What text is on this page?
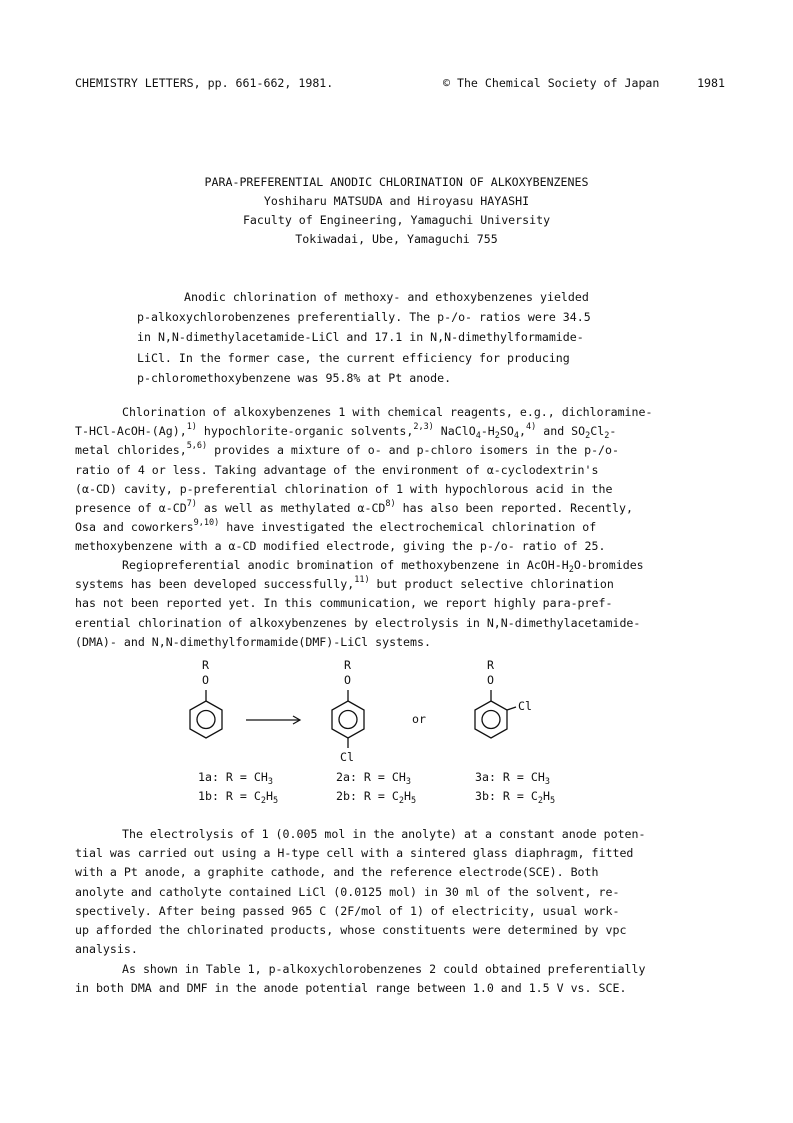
CHEMISTRY LETTERS, pp. 661-662, 1981.	© The Chemical Society of Japan	1981
PARA-PREFERENTIAL ANODIC CHLORINATION OF ALKOXYBENZENES
Yoshiharu MATSUDA and Hiroyasu HAYASHI
Faculty of Engineering, Yamaguchi University
Tokiwadai, Ube, Yamaguchi 755
Anodic chlorination of methoxy- and ethoxybenzenes yielded
p-alkoxychlorobenzenes preferentially. The p-/o- ratios were 34.5
in N,N-dimethylacetamide-LiCl and 17.1 in N,N-dimethylformamide-
LiCl. In the former case, the current efficiency for producing
p-chloromethoxybenzene was 95.8% at Pt anode.
Chlorination of alkoxybenzenes 1 with chemical reagents, e.g., dichloramine-
T-HCl-AcOH-(Ag),$^{1)}$ hypochlorite-organic solvents,$^{2,3)}$ $NaClO_4-H_2SO_4,^{4)}$ and $SO_2Cl_2-$
metal chlorides,$^{5,6)}$ provides a mixture of o- and p-chloro isomers in the p-/o-
ratio of 4 or less. Taking advantage of the environment of α-cyclodextrin's
(α-CD) cavity, p-preferential chlorination of 1 with hypochlorous acid in the
presence of α-CD$^{7)}$ as well as methylated α-CD$^{8)}$ has also been reported. Recently,
Osa and coworkers$^{9,10)}$ have investigated the electrochemical chlorination of
methoxybenzene with a α-CD modified electrode, giving the p-/o- ratio of 25.
Regiopreferential anodic bromination of methoxybenzene in AcOH-$H_2O$-bromides
systems has been developed successfully,$^{11)}$ but product selective chlorination
has not been reported yet. In this communication, we report highly para-pref-
erential chlorination of alkoxybenzenes by electrolysis in N,N-dimethylacetamide-
(DMA)- and N,N-dimethylformamide(DMF)-LiCl systems.
R
O
R
O
R
O
or
Cl
Cl
1a: $R = CH_3$
1b: $R = C_2H_5$
2a: $R = CH_3$
2b: $R = C_2H_5$
3a: $R = CH_3$
3b: $R = C_2H_5$
The electrolysis of 1 (0.005 mol in the anolyte) at a constant anode poten-
tial was carried out using a H-type cell with a sintered glass diaphragm, fitted
with a Pt anode, a graphite cathode, and the reference electrode(SCE). Both
anolyte and catholyte contained LiCl (0.0125 mol) in 30 ml of the solvent, re-
spectively. After being passed 965 C (2F/mol of 1) of electricity, usual work-
up afforded the chlorinated products, whose constituents were determined by vpc
analysis.
As shown in Table 1, p-alkoxychlorobenzenes 2 could obtained preferentially
in both DMA and DMF in the anode potential range between 1.0 and 1.5 V vs. SCE.
